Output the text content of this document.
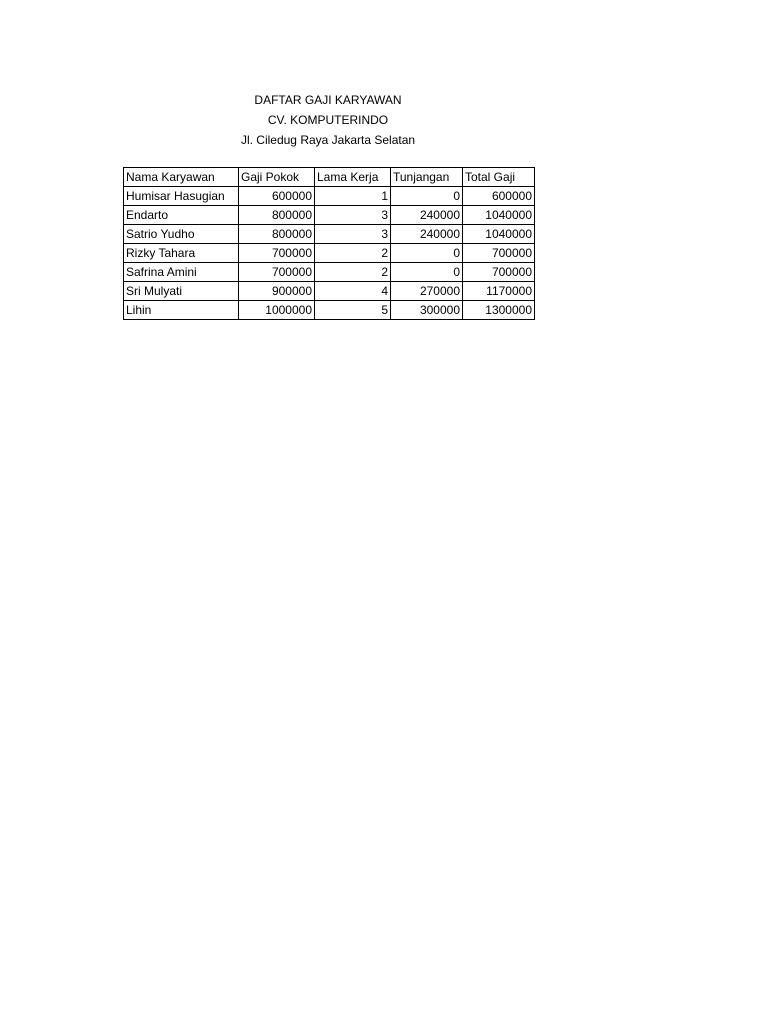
DAFTAR GAJI KARYAWAN
CV. KOMPUTERINDO
Jl. Ciledug Raya Jakarta Selatan
Nama Karyawan	Gaji Pokok	Lama Kerja	Tunjangan	Total Gaji
Humisar Hasugian	600000	1	0	600000
Endarto	800000	3	240000	1040000
Satrio Yudho	800000	3	240000	1040000
Rizky Tahara	700000	2	0	700000
Safrina Amini	700000	2	0	700000
Sri Mulyati	900000	4	270000	1170000
Lihin	1000000	5	300000	1300000
